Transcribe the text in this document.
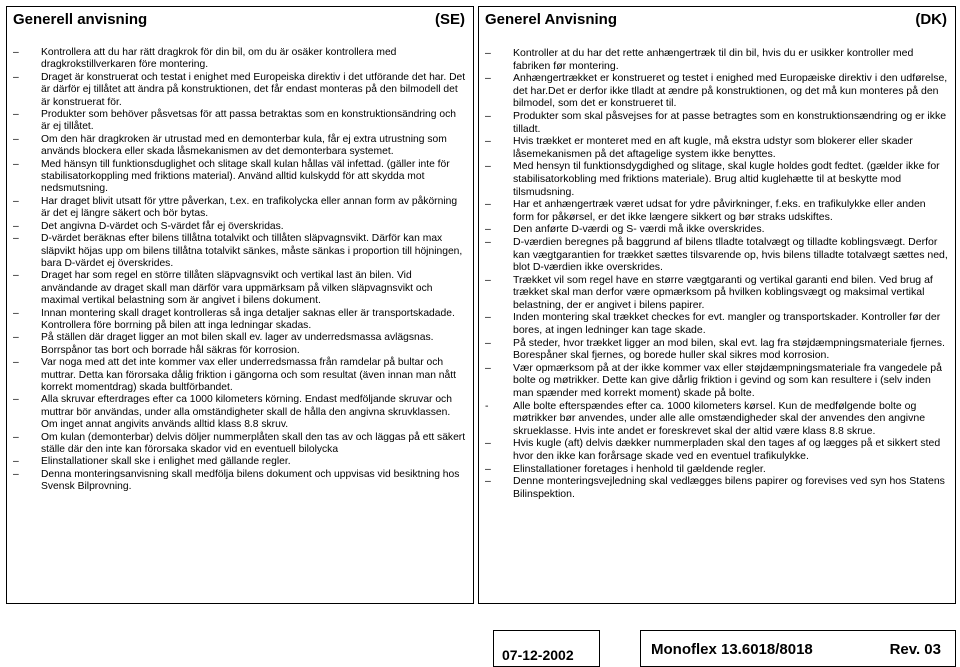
Generell anvisning	(SE)
–	Kontrollera att du har rätt dragkrok för din bil, om du är osäker kontrollera med dragkrokstillverkaren före montering.
–	Draget är konstruerat och testat i enighet med Europeiska direktiv i det utförande det har. Det är därför ej tillåtet att ändra på konstruktionen, det får endast monteras på den bilmodell det är konstruerat för.
–	Produkter som behöver påsvetsas för att passa betraktas som en konstruktionsändring och är ej tillåtet.
–	Om den här dragkroken är utrustad med en demonterbar kula, får ej extra utrustning som används blockera eller skada låsmekanismen av det demonterbara systemet.
–	Med hänsyn till funktionsduglighet och slitage skall kulan hållas väl infettad. (gäller inte för stabilisatorkoppling med friktions material). Använd alltid kulskydd för att skydda mot nedsmutsning.
–	Har draget blivit utsatt för yttre påverkan, t.ex. en trafikolycka eller annan form av påkörning är det ej längre säkert och bör bytas.
–	Det angivna D-värdet och S-värdet får ej överskridas.
–	D-värdet beräknas efter bilens tillåtna totalvikt och tillåten släpvagnsvikt. Därför kan max släpvikt höjas upp om bilens tillåtna totalvikt sänkes, måste sänkas i proportion till höjningen, bara D-värdet ej överskrides.
–	Draget har som regel en större tillåten släpvagnsvikt och vertikal last än bilen. Vid användande av draget skall man därför vara uppmärksam på vilken släpvagnsvikt och maximal vertikal belastning som är angivet i bilens dokument.
–	Innan montering skall draget kontrolleras så inga detaljer saknas eller är transportskadade. Kontrollera före borrning på bilen att inga ledningar skadas.
–	På ställen där draget ligger an mot bilen skall ev. lager av underredsmassa avlägsnas. Borrspånor tas bort och borrade hål säkras för korrosion.
–	Var noga med att det inte kommer vax eller underredsmassa från ramdelar på bultar och muttrar. Detta kan förorsaka dålig friktion i gängorna och som resultat (även innan man nått korrekt momentdrag) skada bultförbandet.
–	Alla skruvar efterdrages efter ca 1000 kilometers körning. Endast medföljande skruvar och muttrar bör användas, under alla omständigheter skall de hålla den angivna skruvklassen. Om inget annat angivits används alltid klass 8.8 skruv.
–	Om kulan (demonterbar) delvis döljer nummerplåten skall den tas av och läggas på ett säkert ställe där den inte kan förorsaka skador vid en eventuell bilolycka
–	Elinstallationer skall ske i enlighet med gällande regler.
–	Denna monteringsanvisning skall medfölja bilens dokument och uppvisas vid besiktning hos Svensk Bilprovning.
Generel Anvisning	(DK)
–	Kontroller at du har det rette anhængertræk til din bil, hvis du er usikker kontroller med fabriken før montering.
–	Anhængertrækket er konstrueret og testet i enighed med Europæiske direktiv i den udførelse, det har.Det er derfor ikke tlladt at ændre på konstruktionen, og det må kun monteres på den bilmodel, som det er konstrueret til.
–	Produkter som skal påsvejses for at passe betragtes som en konstruktionsændring og er ikke tilladt.
–	Hvis trækket er monteret med en aft kugle, må ekstra udstyr som blokerer eller skader låsemekanismen på det aftagelige system ikke benyttes.
–	Med hensyn til funktionsdygdighed og slitage, skal kugle holdes godt fedtet. (gælder ikke for stabilisatorkobling med friktions materiale). Brug altid kuglehætte til at beskytte mod tilsmudsning.
–	Har et anhængertræk været udsat for ydre påvirkninger, f.eks. en trafikulykke eller anden form for påkørsel, er det ikke længere sikkert og bør straks udskiftes.
–	Den anførte D-værdi og S- værdi må ikke overskrides.
–	D-værdien beregnes på baggrund af bilens tlladte totalvægt og tilladte koblingsvægt. Derfor kan vægtgarantien for trækket sættes tilsvarende op, hvis bilens tilladte totalvægt sættes ned, blot D-værdien ikke overskrides.
–	Trækket vil som regel have en større vægtgaranti og vertikal garanti end bilen. Ved brug af trækket skal man derfor være opmærksom på hvilken koblingsvægt og maksimal vertikal belastning, der er angivet i bilens papirer.
–	Inden montering skal trækket checkes for evt. mangler og transportskader. Kontroller før der bores, at ingen ledninger kan tage skade.
–	På steder, hvor trækket ligger an mod bilen, skal evt. lag fra støjdæmpningsmateriale fjernes. Borespåner skal fjernes, og borede huller skal sikres mod korrosion.
–	Vær opmærksom på at der ikke kommer vax eller støjdæmpningsmateriale fra vangedele på bolte og møtrikker. Dette kan give dårlig friktion i gevind og som kan resultere i (selv inden man spænder med korrekt moment) skade på bolte.
-	Alle bolte efterspændes efter ca. 1000 kilometers kørsel. Kun de medfølgende bolte og møtrikker bør anvendes, under alle alle omstændigheder skal der anvendes den angivne skrueklasse. Hvis inte andet er foreskrevet skal der altid være klass 8.8 skrue.
–	Hvis kugle (aft) delvis dækker nummerpladen skal den tages af og lægges på et sikkert sted hvor den ikke kan forårsage skade ved en eventuel trafikulykke.
–	Elinstallationer foretages i henhold til gældende regler.
–	Denne monteringsvejledning skal vedlægges bilens papirer og forevises ved syn hos Statens Bilinspektion.
07-12-2002	Monoflex 13.6018/8018	Rev. 03
